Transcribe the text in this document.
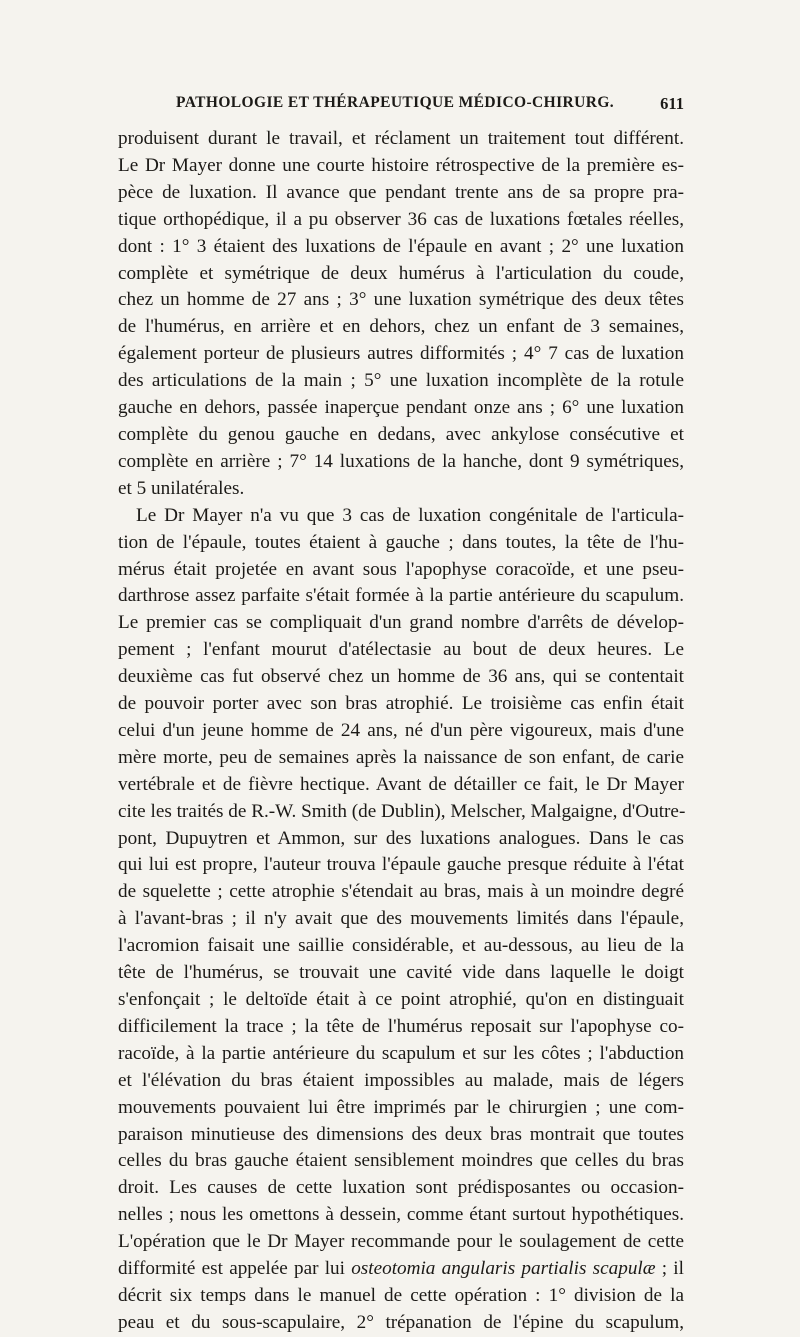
PATHOLOGIE ET THÉRAPEUTIQUE MÉDICO-CHIRURG.	611
produisent durant le travail, et réclament un traitement tout différent.
Le Dr Mayer donne une courte histoire rétrospective de la première es-
pèce de luxation. Il avance que pendant trente ans de sa propre pra-
tique orthopédique, il a pu observer 36 cas de luxations fœtales réelles,
dont : 1° 3 étaient des luxations de l'épaule en avant ; 2° une luxation
complète et symétrique de deux humérus à l'articulation du coude,
chez un homme de 27 ans ; 3° une luxation symétrique des deux têtes
de l'humérus, en arrière et en dehors, chez un enfant de 3 semaines,
également porteur de plusieurs autres difformités ; 4° 7 cas de luxation
des articulations de la main ; 5° une luxation incomplète de la rotule
gauche en dehors, passée inaperçue pendant onze ans ; 6° une luxation
complète du genou gauche en dedans, avec ankylose consécutive et
complète en arrière ; 7° 14 luxations de la hanche, dont 9 symétriques,
et 5 unilatérales.
Le Dr Mayer n'a vu que 3 cas de luxation congénitale de l'articula-
tion de l'épaule, toutes étaient à gauche ; dans toutes, la tête de l'hu-
mérus était projetée en avant sous l'apophyse coracoïde, et une pseu-
darthrose assez parfaite s'était formée à la partie antérieure du scapulum.
Le premier cas se compliquait d'un grand nombre d'arrêts de dévelop-
pement ; l'enfant mourut d'atélectasie au bout de deux heures. Le
deuxième cas fut observé chez un homme de 36 ans, qui se contentait
de pouvoir porter avec son bras atrophié. Le troisième cas enfin était
celui d'un jeune homme de 24 ans, né d'un père vigoureux, mais d'une
mère morte, peu de semaines après la naissance de son enfant, de carie
vertébrale et de fièvre hectique. Avant de détailler ce fait, le Dr Mayer
cite les traités de R.-W. Smith (de Dublin), Melscher, Malgaigne, d'Outre-
pont, Dupuytren et Ammon, sur des luxations analogues. Dans le cas
qui lui est propre, l'auteur trouva l'épaule gauche presque réduite à l'état
de squelette ; cette atrophie s'étendait au bras, mais à un moindre degré
à l'avant-bras ; il n'y avait que des mouvements limités dans l'épaule,
l'acromion faisait une saillie considérable, et au-dessous, au lieu de la
tête de l'humérus, se trouvait une cavité vide dans laquelle le doigt
s'enfonçait ; le deltoïde était à ce point atrophié, qu'on en distinguait
difficilement la trace ; la tête de l'humérus reposait sur l'apophyse co-
racoïde, à la partie antérieure du scapulum et sur les côtes ; l'abduction
et l'élévation du bras étaient impossibles au malade, mais de légers
mouvements pouvaient lui être imprimés par le chirurgien ; une com-
paraison minutieuse des dimensions des deux bras montrait que toutes
celles du bras gauche étaient sensiblement moindres que celles du bras
droit. Les causes de cette luxation sont prédisposantes ou occasion-
nelles ; nous les omettons à dessein, comme étant surtout hypothétiques.
L'opération que le Dr Mayer recommande pour le soulagement de cette
difformité est appelée par lui osteotomia angularis partialis scapulæ ; il
décrit six temps dans le manuel de cette opération : 1° division de la
peau et du sous-scapulaire, 2° trépanation de l'épine du scapulum,
